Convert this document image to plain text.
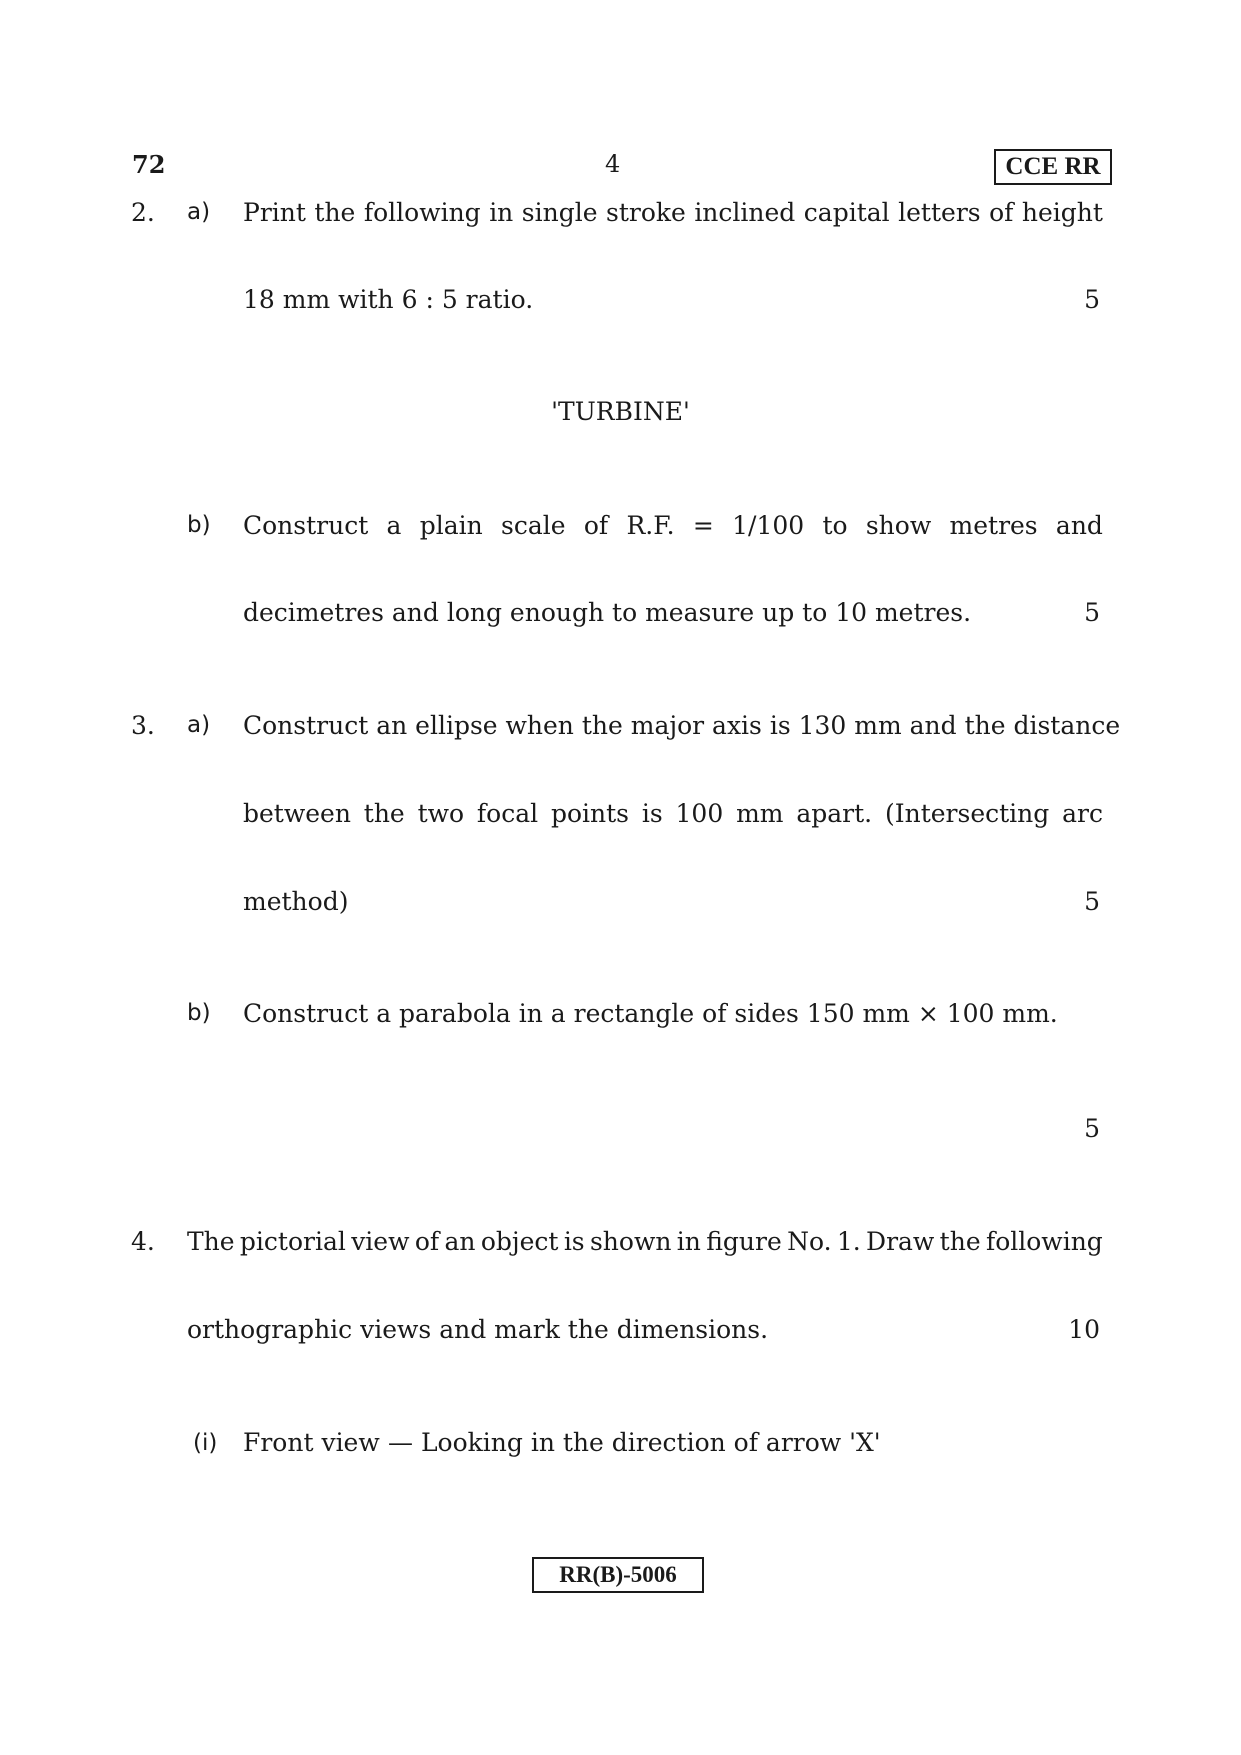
72	4	CCE RR
2. a) Print the following in single stroke inclined capital letters of height
18 mm with 6 : 5 ratio.	5
'TURBINE'
b) Construct a plain scale of R.F. = 1/100 to show metres and
decimetres and long enough to measure up to 10 metres.	5
3. a) Construct an ellipse when the major axis is 130 mm and the distance
between the two focal points is 100 mm apart. (Intersecting arc
method)	5
b) Construct a parabola in a rectangle of sides 150 mm × 100 mm.
5
4. The pictorial view of an object is shown in figure No. 1. Draw the following
orthographic views and mark the dimensions.	10
(i) Front view — Looking in the direction of arrow 'X'
RR(B)-5006
